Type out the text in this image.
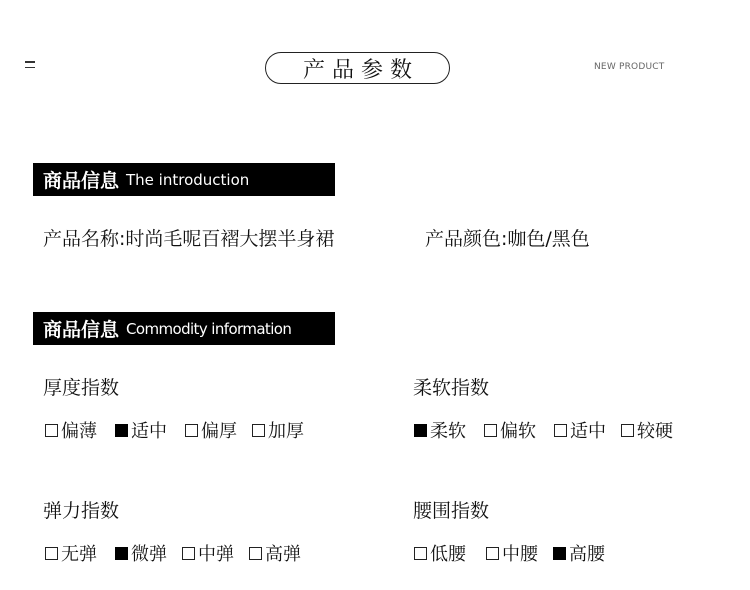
产品参数	NEW PRODUCT
商品信息 The introduction
产品名称:时尚毛呢百褶大摆半身裙	产品颜色:咖色/黑色
商品信息 Commodity information
厚度指数
偏薄 适中 偏厚 加厚
柔软指数
柔软 偏软 适中 较硬
弹力指数
无弹 微弹 中弹 高弹
腰围指数
低腰 中腰 高腰
